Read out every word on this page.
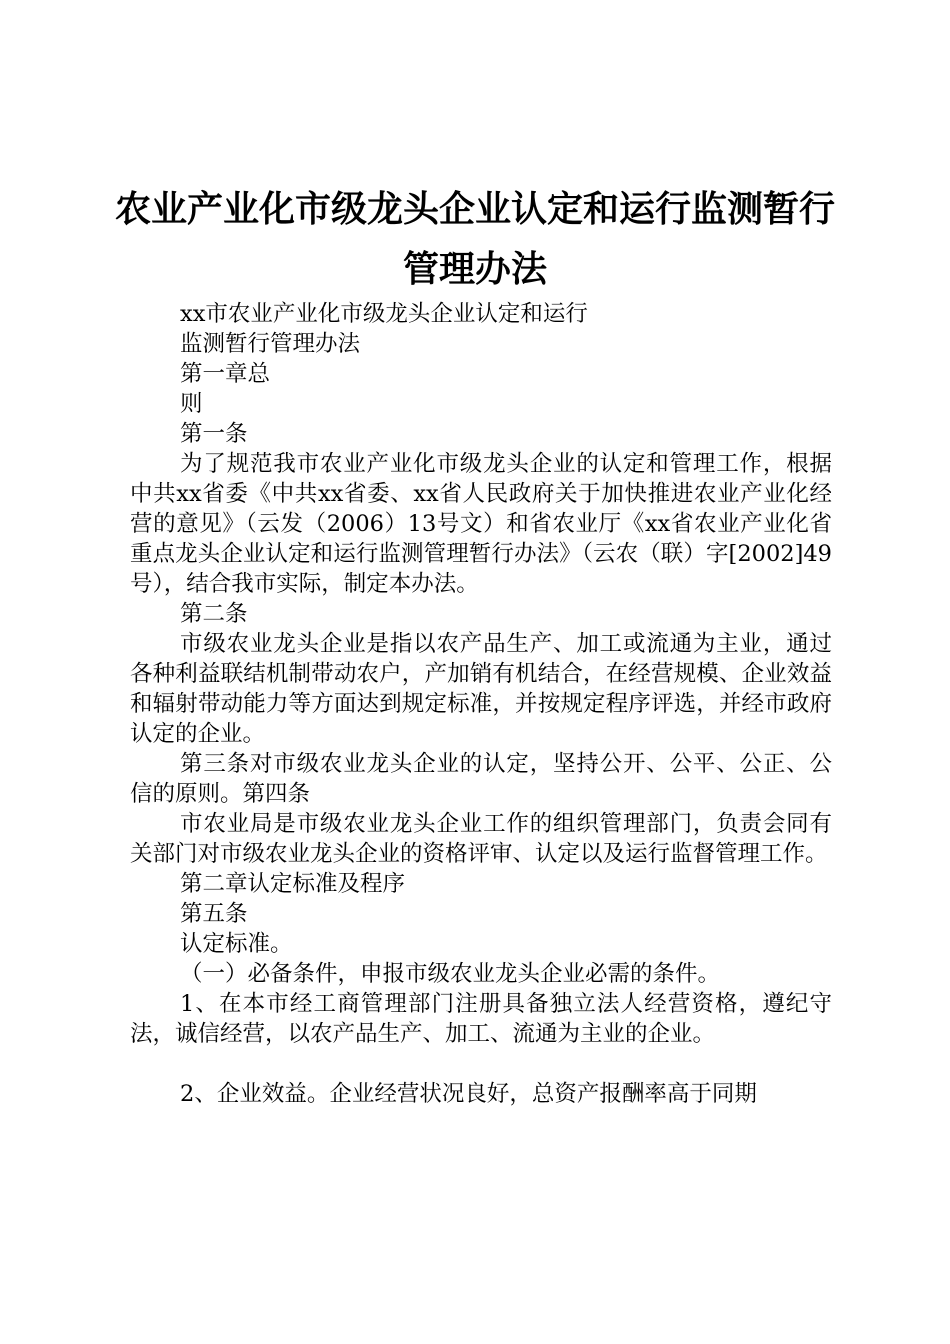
农业产业化市级龙头企业认定和运行监测暂行
管理办法

xx市农业产业化市级龙头企业认定和运行

监测暂行管理办法

第一章总

则

第一条

为了规范我市农业产业化市级龙头企业的认定和管理工作，根据中共xx省委《中共xx省委、xx省人民政府关于加快推进农业产业化经营的意见》（云发（2006）13号文）和省农业厅《xx省农业产业化省重点龙头企业认定和运行监测管理暂行办法》（云农（联）字[2002]49号），结合我市实际，制定本办法。

第二条

市级农业龙头企业是指以农产品生产、加工或流通为主业，通过各种利益联结机制带动农户，产加销有机结合，在经营规模、企业效益和辐射带动能力等方面达到规定标准，并按规定程序评选，并经市政府认定的企业。

第三条对市级农业龙头企业的认定，坚持公开、公平、公正、公信的原则。第四条

市农业局是市级农业龙头企业工作的组织管理部门，负责会同有关部门对市级农业龙头企业的资格评审、认定以及运行监督管理工作。

第二章认定标准及程序

第五条

认定标准。

（一）必备条件，申报市级农业龙头企业必需的条件。

1、在本市经工商管理部门注册具备独立法人经营资格，遵纪守法，诚信经营，以农产品生产、加工、流通为主业的企业。

2、企业效益。企业经营状况良好，总资产报酬率高于同期
